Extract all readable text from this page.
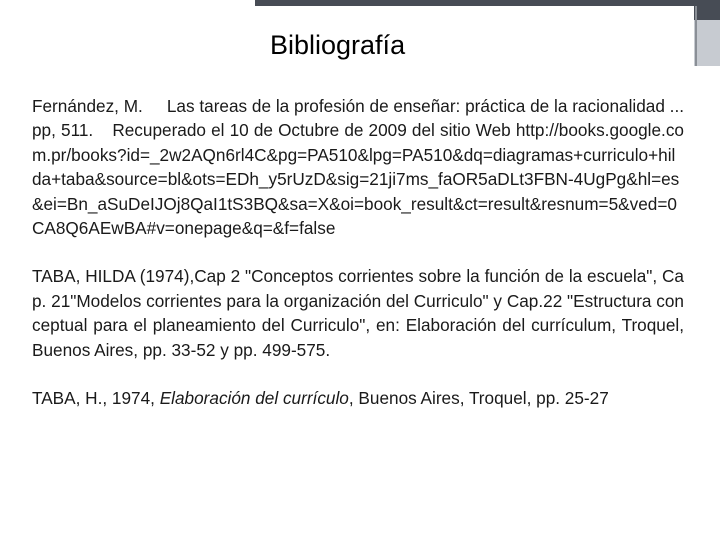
Bibliografía
Fernández, M. Las tareas de la profesión de enseñar: práctica de la racionalidad ...pp, 511. Recuperado el 10 de Octubre de 2009 del sitio Web http://books.google.com.pr/books?id=_2w2AQn6rl4C&pg=PA510&lpg=PA510&dq=diagramas+curriculo+hilda+taba&source=bl&ots=EDh_y5rUzD&sig=21ji7ms_faOR5aDLt3FBN-4UgPg&hl=es&ei=Bn_aSuDeIJOj8QaI1tS3BQ&sa=X&oi=book_result&ct=result&resnum=5&ved=0CA8Q6AEwBA#v=onepage&q=&f=false
TABA, HILDA (1974),Cap 2 "Conceptos corrientes sobre la función de la escuela", Cap. 21"Modelos corrientes para la organización del Curriculo" y Cap.22 "Estructura conceptual para el planeamiento del Curriculo", en: Elaboración del currículum, Troquel, Buenos Aires, pp. 33-52 y pp. 499-575.
TABA, H., 1974, Elaboración del currículo, Buenos Aires, Troquel, pp. 25-27
